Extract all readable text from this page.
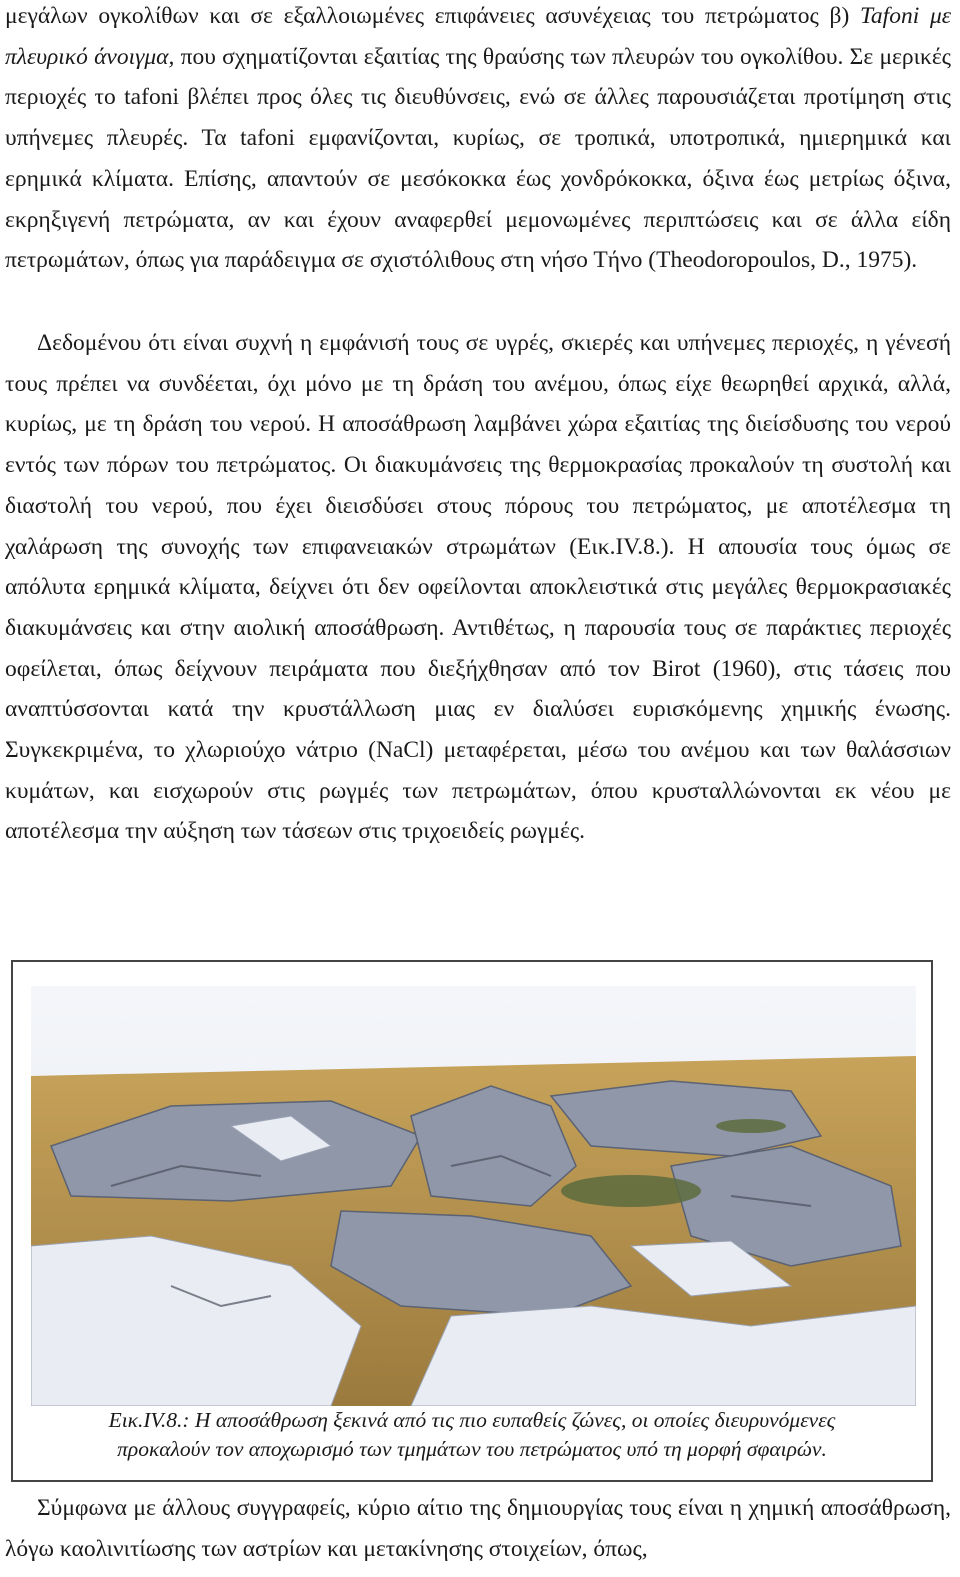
μεγάλων ογκολίθων και σε εξαλλοιωμένες επιφάνειες ασυνέχειας του πετρώματος β) Tafoni με πλευρικό άνοιγμα, που σχηματίζονται εξαιτίας της θραύσης των πλευρών του ογκολίθου. Σε μερικές περιοχές το tafoni βλέπει προς όλες τις διευθύνσεις, ενώ σε άλλες παρουσιάζεται προτίμηση στις υπήνεμες πλευρές. Τα tafoni εμφανίζονται, κυρίως, σε τροπικά, υποτροπικά, ημιερημικά και ερημικά κλίματα. Επίσης, απαντούν σε μεσόκοκκα έως χονδρόκοκκα, όξινα έως μετρίως όξινα, εκρηξιγενή πετρώματα, αν και έχουν αναφερθεί μεμονωμένες περιπτώσεις και σε άλλα είδη πετρωμάτων, όπως για παράδειγμα σε σχιστόλιθους στη νήσο Τήνο (Theodoropoulos, D., 1975).

Δεδομένου ότι είναι συχνή η εμφάνισή τους σε υγρές, σκιερές και υπήνεμες περιοχές, η γένεσή τους πρέπει να συνδέεται, όχι μόνο με τη δράση του ανέμου, όπως είχε θεωρηθεί αρχικά, αλλά, κυρίως, με τη δράση του νερού. Η αποσάθρωση λαμβάνει χώρα εξαιτίας της διείσδυσης του νερού εντός των πόρων του πετρώματος. Οι διακυμάνσεις της θερμοκρασίας προκαλούν τη συστολή και διαστολή του νερού, που έχει διεισδύσει στους πόρους του πετρώματος, με αποτέλεσμα τη χαλάρωση της συνοχής των επιφανειακών στρωμάτων (Εικ.IV.8.). Η απουσία τους όμως σε απόλυτα ερημικά κλίματα, δείχνει ότι δεν οφείλονται αποκλειστικά στις μεγάλες θερμοκρασιακές διακυμάνσεις και στην αιολική αποσάθρωση. Αντιθέτως, η παρουσία τους σε παράκτιες περιοχές οφείλεται, όπως δείχνουν πειράματα που διεξήχθησαν από τον Birot (1960), στις τάσεις που αναπτύσσονται κατά την κρυστάλλωση μιας εν διαλύσει ευρισκόμενης χημικής ένωσης. Συγκεκριμένα, το χλωριούχο νάτριο (NaCl) μεταφέρεται, μέσω του ανέμου και των θαλάσσιων κυμάτων, και εισχωρούν στις ρωγμές των πετρωμάτων, όπου κρυσταλλώνονται εκ νέου με αποτέλεσμα την αύξηση των τάσεων στις τριχοειδείς ρωγμές.

Εικ.IV.8.: Η αποσάθρωση ξεκινά από τις πιο ευπαθείς ζώνες, οι οποίες διευρυνόμενες
προκαλούν τον αποχωρισμό των τμημάτων του πετρώματος υπό τη μορφή σφαιρών.

Σύμφωνα με άλλους συγγραφείς, κύριο αίτιο της δημιουργίας τους είναι η χημική αποσάθρωση, λόγω καολινιτίωσης των αστρίων και μετακίνησης στοιχείων, όπως,
